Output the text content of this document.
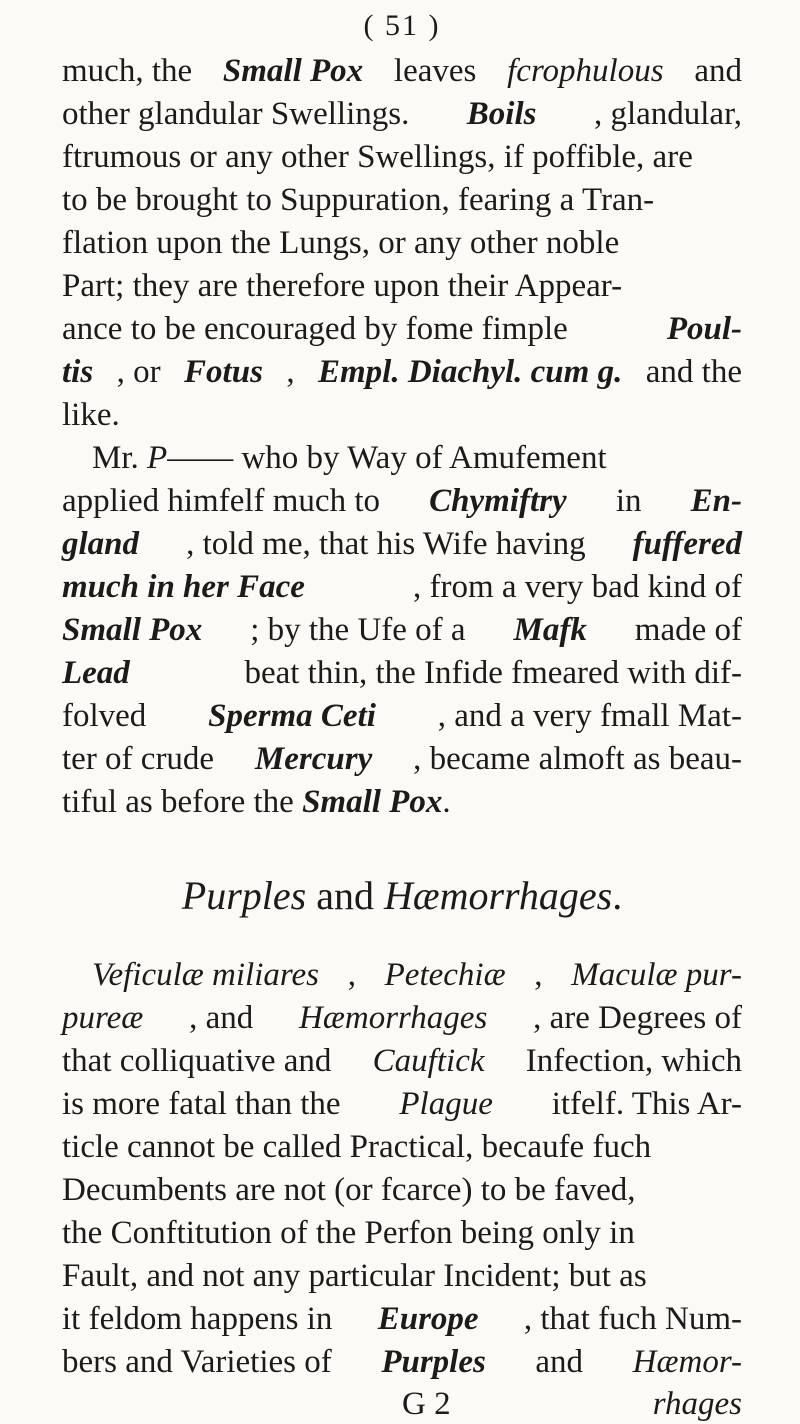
( 51 )
much, the Small Pox leaves fcrophulous and
other glandular Swellings. Boils , glandular,
ftrumous or any other Swellings, if poffible, are
to be brought to Suppuration, fearing a Tran-
flation upon the Lungs, or any other noble
Part; they are therefore upon their Appear-
ance to be encouraged by fome fimple	Poul-
tis , or Fotus , Empl. Diachyl. cum g. and the
like.
Mr. P—— who by Way of Amufement
applied himfelf much to Chymiftry in En-
gland , told me, that his Wife having fuffered
much in her Face	, from a very bad kind of
Small Pox ; by the Ufe of a Mafk made of
Lead	beat thin, the Infide fmeared with dif-
folved Sperma Ceti , and a very fmall Mat-
ter of crude Mercury , became almoft as beau-
tiful as before the Small Pox.
Purples and Hæmorrhages.
Veficulæ miliares , Petechiæ , Maculæ pur-
pureæ , and Hæmorrhages , are Degrees of
that colliquative and Cauftick Infection, which
is more fatal than the Plague itfelf. This Ar-
ticle cannot be called Practical, becaufe fuch
Decumbents are not (or fcarce) to be faved,
the Conftitution of the Perfon being only in
Fault, and not any particular Incident; but as
it feldom happens in Europe , that fuch Num-
bers and Varieties of Purples and Hæmor-
G 2	rhages
